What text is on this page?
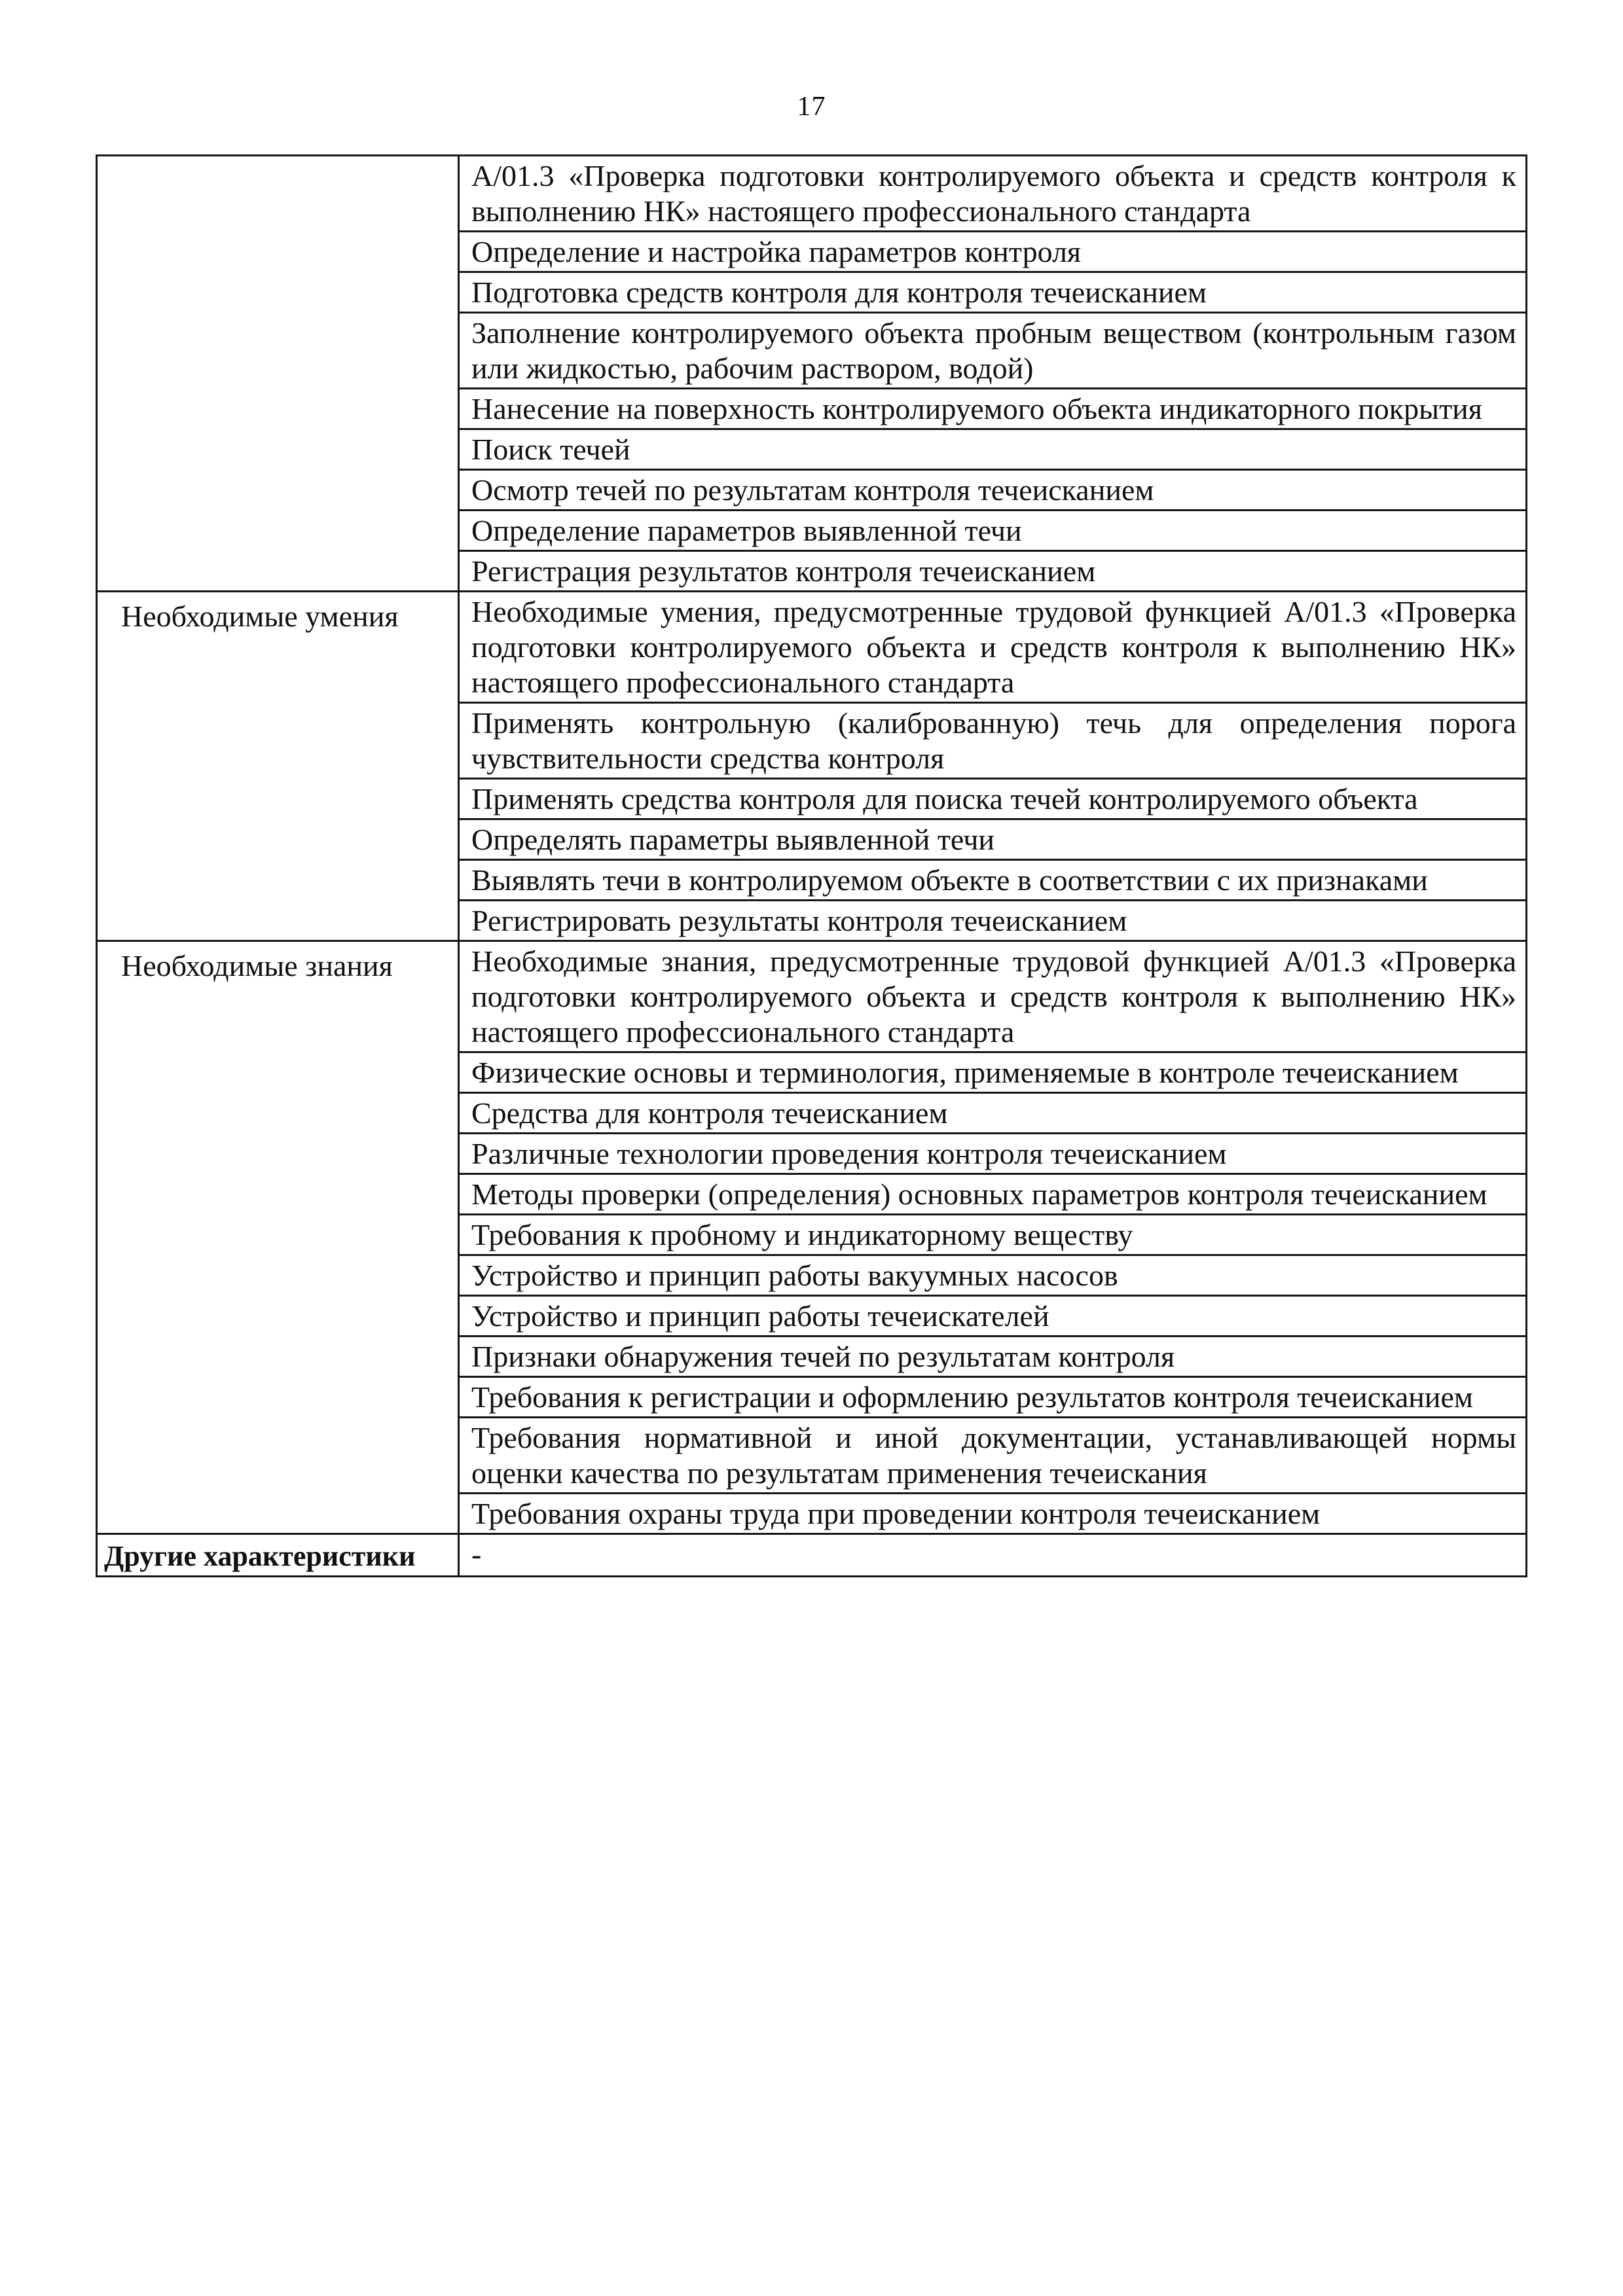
17
	А/01.3 «Проверка подготовки контролируемого объекта и средств контроля к выполнению НК» настоящего профессионального стандарта
	Определение и настройка параметров контроля
	Подготовка средств контроля для контроля течеисканием
	Заполнение контролируемого объекта пробным веществом (контрольным газом или жидкостью, рабочим раствором, водой)
	Нанесение на поверхность контролируемого объекта индикаторного покрытия
	Поиск течей
	Осмотр течей по результатам контроля течеисканием
	Определение параметров выявленной течи
	Регистрация результатов контроля течеисканием
Необходимые умения	Необходимые умения, предусмотренные трудовой функцией А/01.3 «Проверка подготовки контролируемого объекта и средств контроля к выполнению НК» настоящего профессионального стандарта
	Применять контрольную (калиброванную) течь для определения порога чувствительности средства контроля
	Применять средства контроля для поиска течей контролируемого объекта
	Определять параметры выявленной течи
	Выявлять течи в контролируемом объекте в соответствии с их признаками
	Регистрировать результаты контроля течеисканием
Необходимые знания	Необходимые знания, предусмотренные трудовой функцией А/01.3 «Проверка подготовки контролируемого объекта и средств контроля к выполнению НК» настоящего профессионального стандарта
	Физические основы и терминология, применяемые в контроле течеисканием
	Средства для контроля течеисканием
	Различные технологии проведения контроля течеисканием
	Методы проверки (определения) основных параметров контроля течеисканием
	Требования к пробному и индикаторному веществу
	Устройство и принцип работы вакуумных насосов
	Устройство и принцип работы течеискателей
	Признаки обнаружения течей по результатам контроля
	Требования к регистрации и оформлению результатов контроля течеисканием
	Требования нормативной и иной документации, устанавливающей нормы оценки качества по результатам применения течеискания
	Требования охраны труда при проведении контроля течеисканием
Другие характеристики	-
